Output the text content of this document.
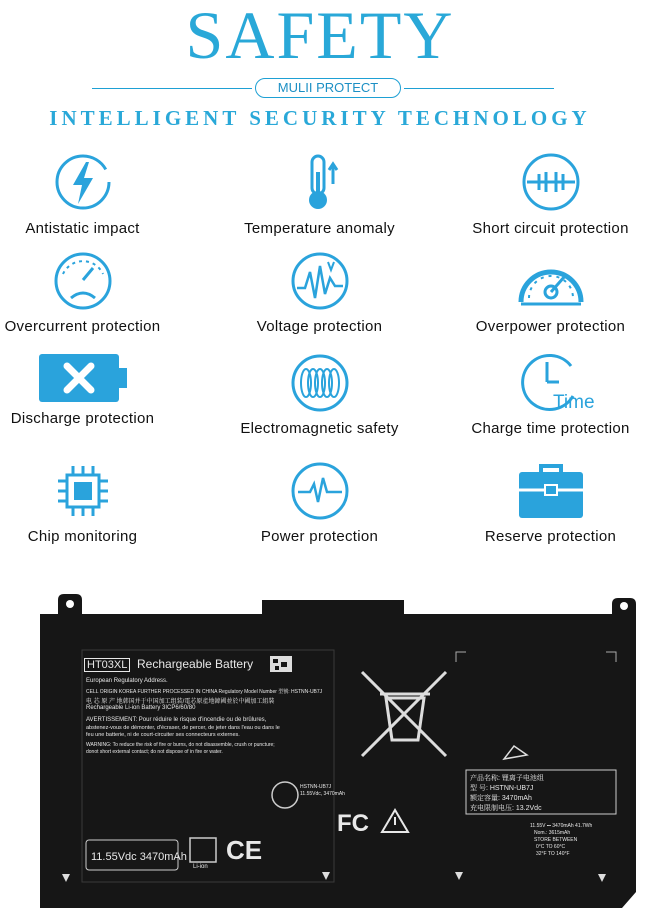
SAFETY
MULII PROTECT
INTELLIGENT SECURITY TECHNOLOGY
Antistatic impact	Temperature anomaly	Short circuit protection
Overcurrent protection	Voltage protection	Overpower protection
Discharge protection
Electromagnetic safety
Time
Charge time protection
Chip monitoring	Power protection	Reserve protection
HT03XL Rechargeable Battery
European Regulatory Address.
CELL ORIGIN KOREA FURTHER PROCESSED IN CHINA Regulatory Model Number 型號: HSTNN-UB7J
电 芯 原 产 地韩国并于中国加工组装/電芯原產地韓國並於中國加工組裝
Rechargeable Li-ion Battery 3ICP6/60/80
AVERTISSEMENT: Pour réduire le risque d'incendie ou de brûlures,
abstenez-vous de démonter, d'écraser, de percer, de jeter dans l'eau ou dans le
feu une batterie, ni de court-circuiter ses connecteurs externes.
WARNING: To reduce the risk of fire or burns, do not disassemble, crush or puncture;
donot short external contact; do not dispose of in fire or water.
11.55Vdc 3470mAh
Li-ion
CE
FC
HSTNN-UB7J
11.55Vdc, 3470mAh
产品名称: 锂离子电池组
型 号: HSTNN-UB7J
额定容量: 3470mAh
充电限制电压: 13.2Vdc
11.55V ⎓ 3470mAh 41.7Wh
Nom.: 3615mAh
STORE BETWEEN
0°C TO 60°C
32°F TO 140°F
